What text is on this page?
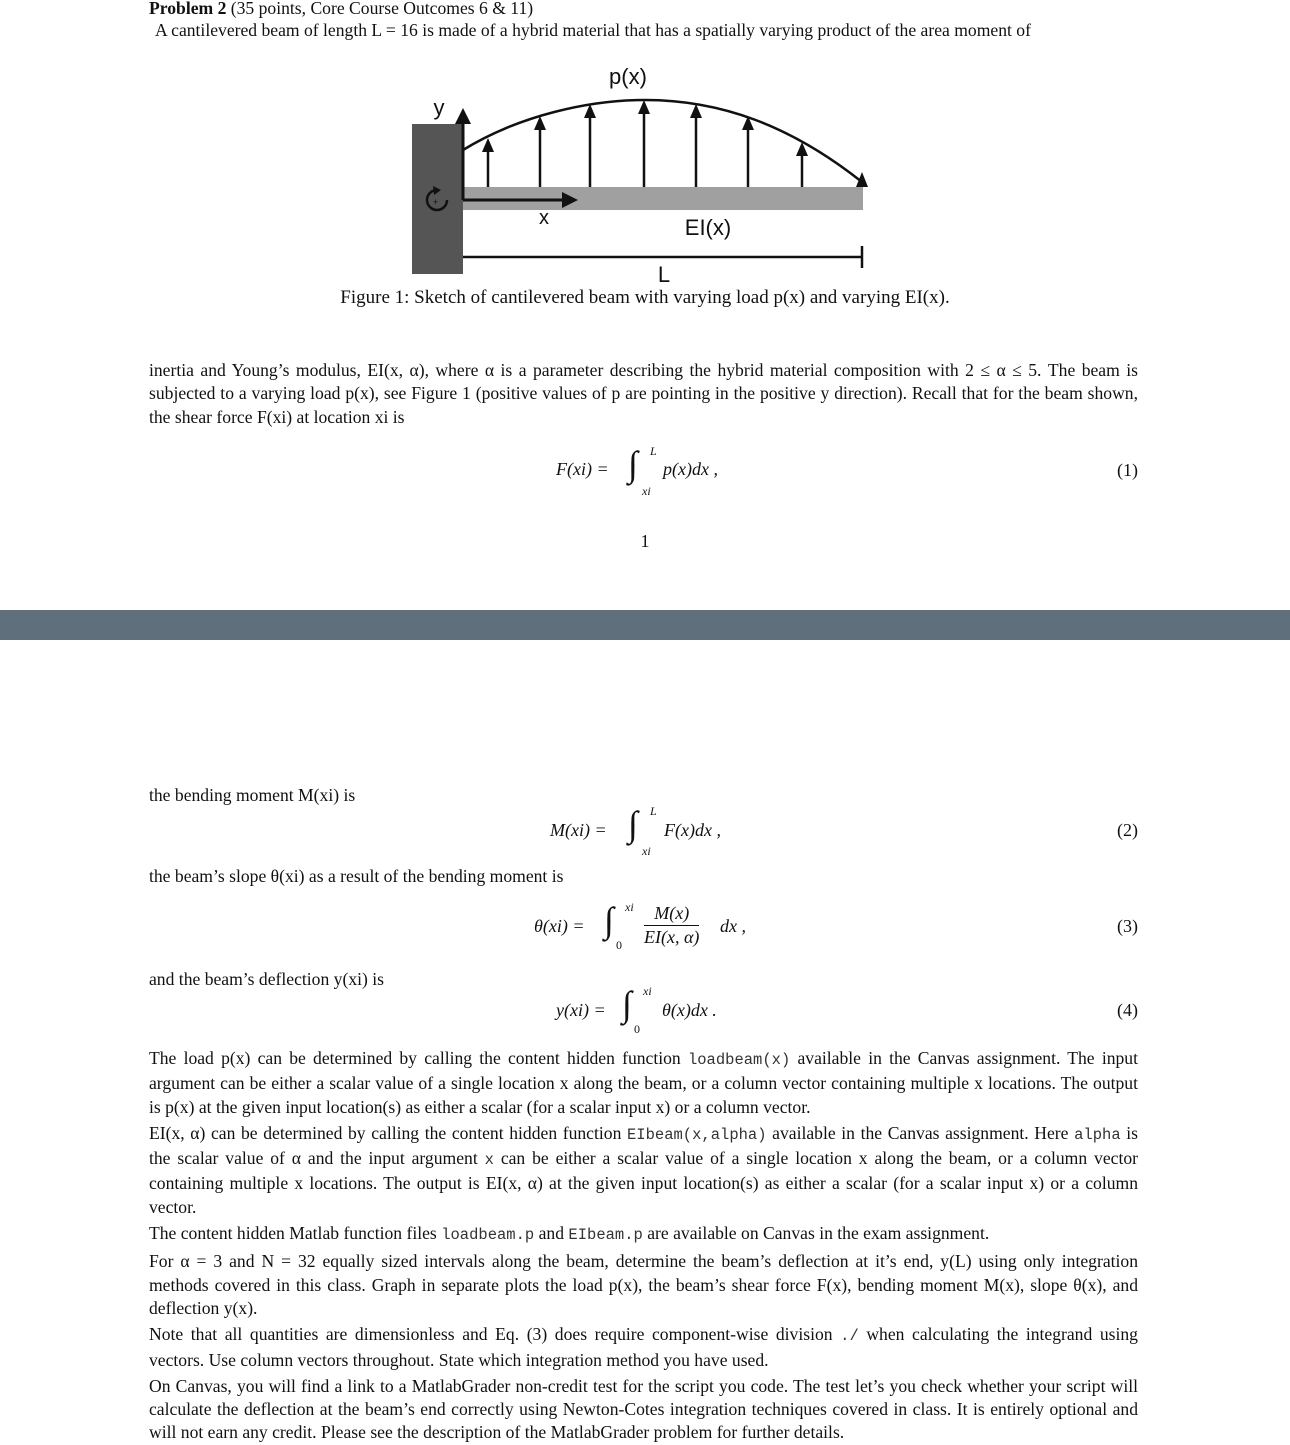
Problem 2 (35 points, Core Course Outcomes 6 & 11)
A cantilevered beam of length L = 16 is made of a hybrid material that has a spatially varying product of the area moment of
+
p(x)
y
x	EI(x)
L
Figure 1: Sketch of cantilevered beam with varying load p(x) and varying EI(x).
inertia and Young’s modulus, EI(x, α), where α is a parameter describing the hybrid material composition with 2 ≤ α ≤ 5. The beam is subjected to a varying load p(x), see Figure 1 (positive values of p are pointing in the positive y direction). Recall that for the beam shown, the shear force F(xi) at location xi is
F(xi) = ∫ L
xi
p(x)dx ,	(1)
1
the bending moment M(xi) is
M(xi) = ∫ L
xi
F(x)dx ,	(2)
the beam’s slope θ(xi) as a result of the bending moment is
θ(xi) = ∫ xi
$0 \frac{M(x)}{EI(x, \alpha)}$ dx ,	(3)
and the beam’s deflection y(xi) is
y(xi) = ∫ xi
0
θ(x)dx .	(4)

The load p(x) can be determined by calling the content hidden function loadbeam(x) available in the Canvas assignment. The input argument can be either a scalar value of a single location x along the beam, or a column vector containing multiple x locations. The output is p(x) at the given input location(s) as either a scalar (for a scalar input x) or a column vector.

EI(x, α) can be determined by calling the content hidden function EIbeam(x,alpha) available in the Canvas assignment. Here alpha is the scalar value of α and the input argument x can be either a scalar value of a single location x along the beam, or a column vector containing multiple x locations. The output is EI(x, α) at the given input location(s) as either a scalar (for a scalar input x) or a column vector.

The content hidden Matlab function files loadbeam.p and EIbeam.p are available on Canvas in the exam assignment.

For α = 3 and N = 32 equally sized intervals along the beam, determine the beam’s deflection at it’s end, y(L) using only integration methods covered in this class. Graph in separate plots the load p(x), the beam’s shear force F(x), bending moment M(x), slope θ(x), and deflection y(x).

Note that all quantities are dimensionless and Eq. (3) does require component-wise division ./ when calculating the integrand using vectors. Use column vectors throughout. State which integration method you have used.

On Canvas, you will find a link to a MatlabGrader non-credit test for the script you code. The test let’s you check whether your script will calculate the deflection at the beam’s end correctly using Newton-Cotes integration techniques covered in class. It is entirely optional and will not earn any credit. Please see the description of the MatlabGrader problem for further details.
